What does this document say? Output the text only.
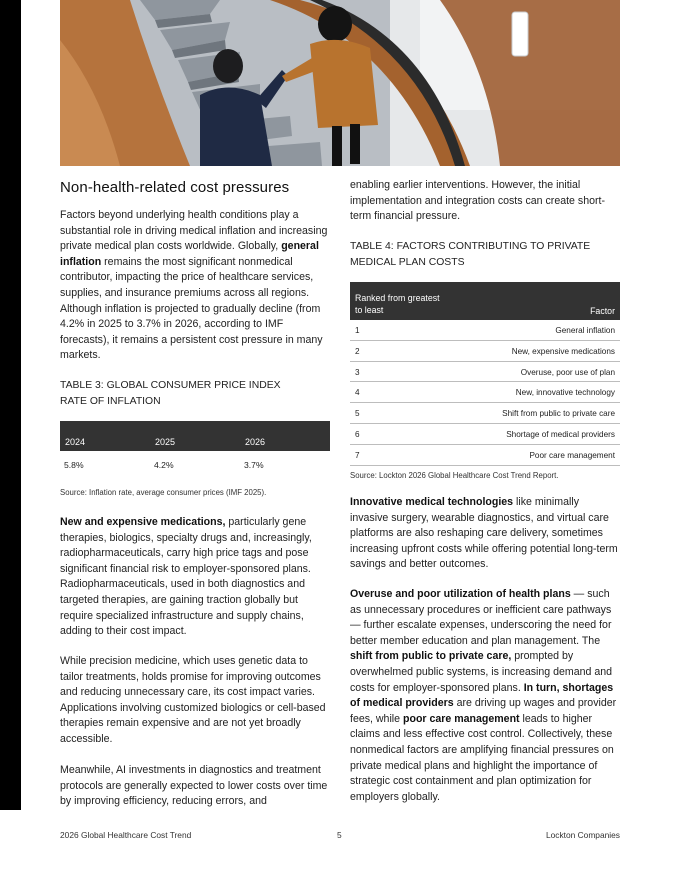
Non-health-related cost pressures

Factors beyond underlying health conditions play a substantial role in driving medical inflation and increasing private medical plan costs worldwide. Globally, general inflation remains the most significant nonmedical contributor, impacting the price of healthcare services, supplies, and insurance premiums across all regions. Although inflation is projected to gradually decline (from 4.2% in 2025 to 3.7% in 2026, according to IMF forecasts), it remains a persistent cost pressure in many markets.

TABLE 3: GLOBAL CONSUMER PRICE INDEX RATE OF INFLATION

2024	2025	2026
5.8%	4.2%	3.7%

Source: Inflation rate, average consumer prices (IMF 2025).

New and expensive medications, particularly gene therapies, biologics, specialty drugs and, increasingly, radiopharmaceuticals, carry high price tags and pose significant financial risk to employer-sponsored plans. Radiopharmaceuticals, used in both diagnostics and targeted therapies, are gaining traction globally but require specialized infrastructure and supply chains, adding to their cost impact.

While precision medicine, which uses genetic data to tailor treatments, holds promise for improving outcomes and reducing unnecessary care, its cost impact varies. Applications involving customized biologics or cell-based therapies remain expensive and are not yet broadly accessible.

Meanwhile, AI investments in diagnostics and treatment protocols are generally expected to lower costs over time by improving efficiency, reducing errors, and

enabling earlier interventions. However, the initial implementation and integration costs can create short-term financial pressure.

TABLE 4: FACTORS CONTRIBUTING TO PRIVATE MEDICAL PLAN COSTS

Ranked from greatest to least	Factor
1	General inflation
2	New, expensive medications
3	Overuse, poor use of plan
4	New, innovative technology
5	Shift from public to private care
6	Shortage of medical providers
7	Poor care management

Source: Lockton 2026 Global Healthcare Cost Trend Report.

Innovative medical technologies like minimally invasive surgery, wearable diagnostics, and virtual care platforms are also reshaping care delivery, sometimes increasing upfront costs while offering potential long-term savings and better outcomes.

Overuse and poor utilization of health plans — such as unnecessary procedures or inefficient care pathways — further escalate expenses, underscoring the need for better member education and plan management. The shift from public to private care, prompted by overwhelmed public systems, is increasing demand and costs for employer-sponsored plans. In turn, shortages of medical providers are driving up wages and provider fees, while poor care management leads to higher claims and less effective cost control. Collectively, these nonmedical factors are amplifying financial pressures on private medical plans and highlight the importance of strategic cost containment and plan optimization for employers globally.

2026 Global Healthcare Cost Trend	5	Lockton Companies
